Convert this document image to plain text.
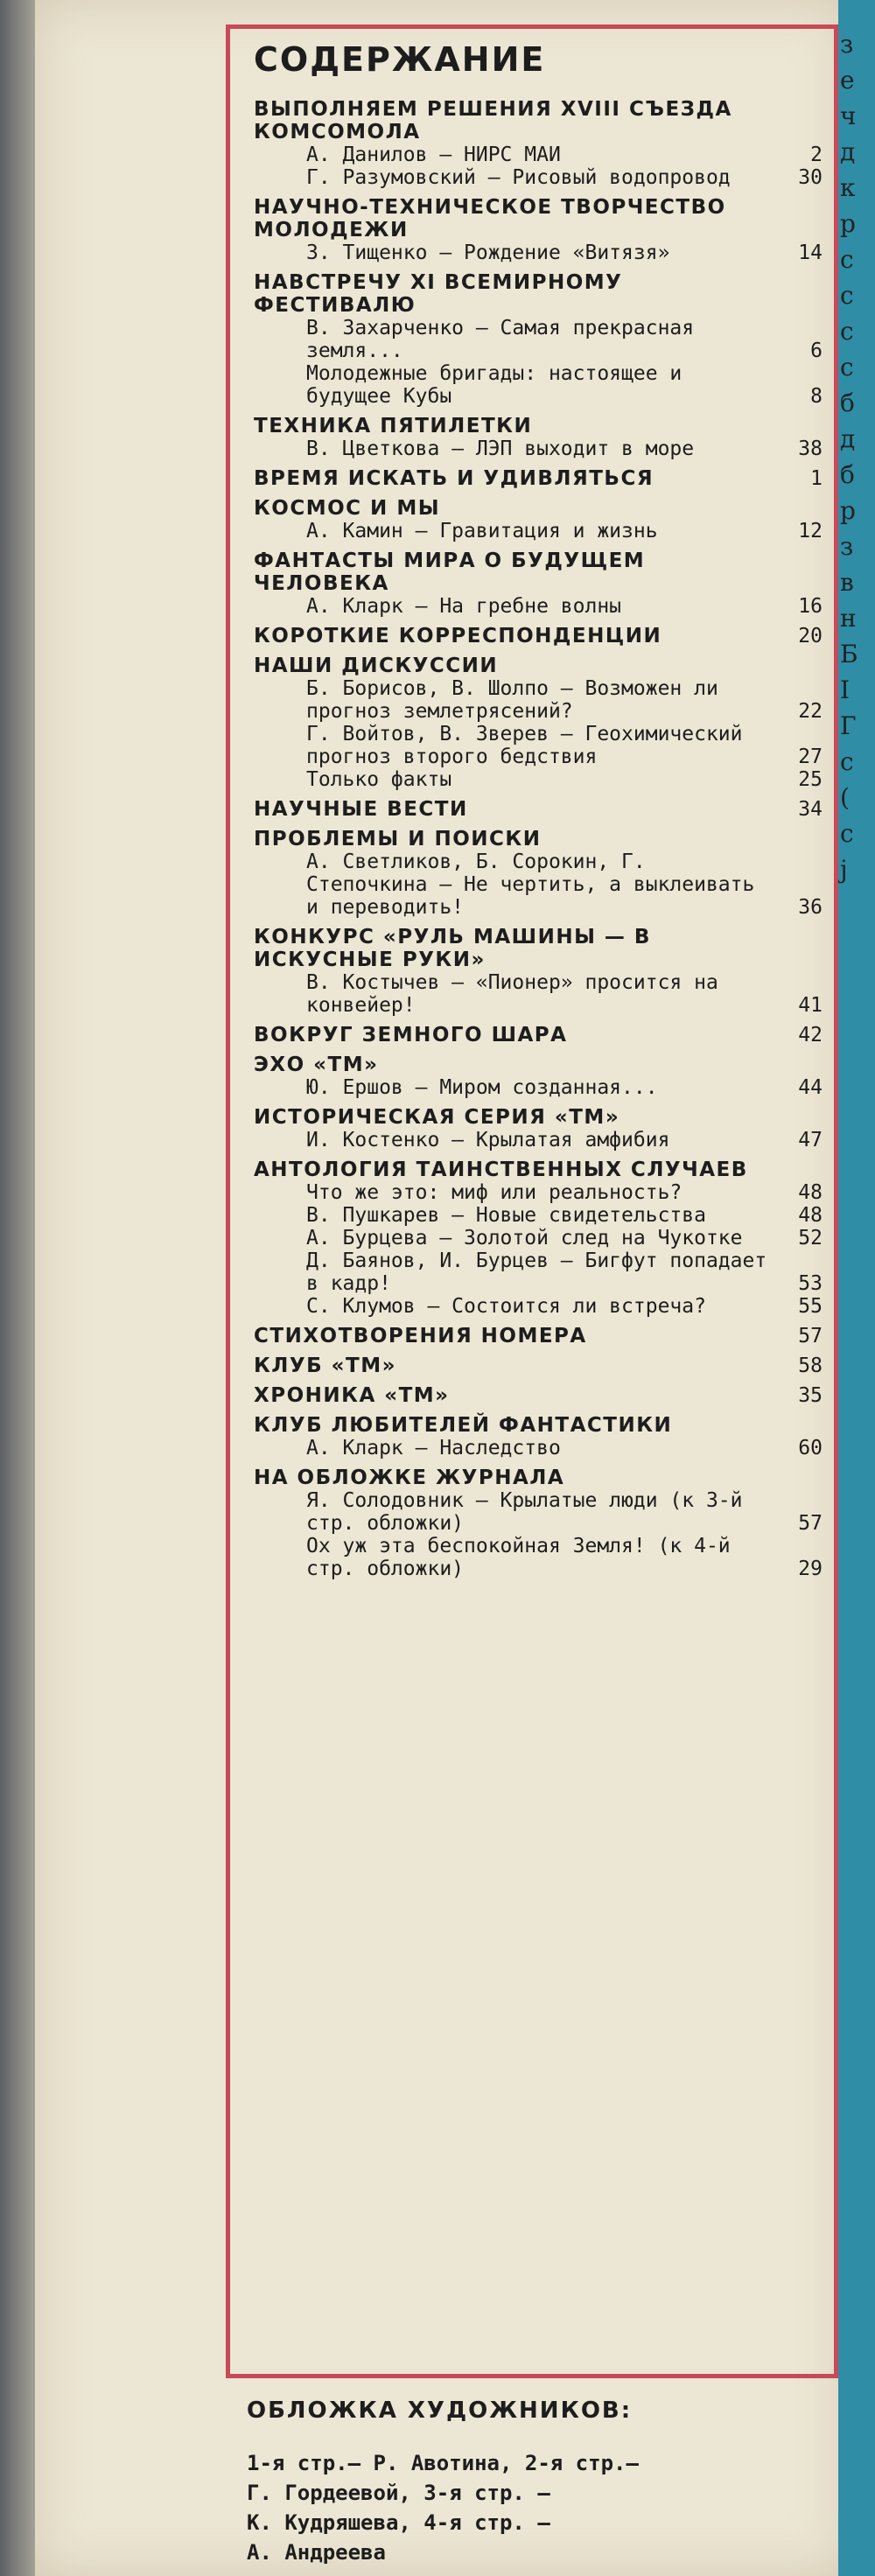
з
е
ч
д
к
р
с
с
с
с
б
д
б
р
з
в
н
Б
І
Г
с
(
с
ј
СОДЕРЖАНИЕ
ВЫПОЛНЯЕМ РЕШЕНИЯ XVIII СЪЕЗДА КОМСОМОЛА
А. Данилов — НИРС МАИ	2
Г. Разумовский — Рисовый водопровод	30
НАУЧНО-ТЕХНИЧЕСКОЕ ТВОРЧЕСТВО МОЛОДЕЖИ
З. Тищенко — Рождение «Витязя»	14
НАВСТРЕЧУ XI ВСЕМИРНОМУ ФЕСТИВАЛЮ
В. Захарченко — Самая прекрасная земля...	6
Молодежные бригады: настоящее и будущее Кубы	8
ТЕХНИКА ПЯТИЛЕТКИ
В. Цветкова — ЛЭП выходит в море	38
ВРЕМЯ ИСКАТЬ И УДИВЛЯТЬСЯ	1
КОСМОС И МЫ
А. Камин — Гравитация и жизнь	12
ФАНТАСТЫ МИРА О БУДУЩЕМ ЧЕЛОВЕКА
А. Кларк — На гребне волны	16
КОРОТКИЕ КОРРЕСПОНДЕНЦИИ	20
НАШИ ДИСКУССИИ
Б. Борисов, В. Шолпо — Возможен ли прогноз землетрясений?	22
Г. Войтов, В. Зверев — Геохимический прогноз второго бедствия	27
Только факты	25
НАУЧНЫЕ ВЕСТИ	34
ПРОБЛЕМЫ И ПОИСКИ
А. Светликов, Б. Сорокин, Г. Степочкина — Не чертить, а выклеивать и переводить!	36
КОНКУРС «РУЛЬ МАШИНЫ — В ИСКУСНЫЕ РУКИ»
В. Костычев — «Пионер» просится на конвейер!	41
ВОКРУГ ЗЕМНОГО ШАРА	42
ЭХО «ТМ»
Ю. Ершов — Миром созданная...	44
ИСТОРИЧЕСКАЯ СЕРИЯ «ТМ»
И. Костенко — Крылатая амфибия	47
АНТОЛОГИЯ ТАИНСТВЕННЫХ СЛУЧАЕВ
Что же это: миф или реальность?	48
В. Пушкарев — Новые свидетельства	48
А. Бурцева — Золотой след на Чукотке	52
Д. Баянов, И. Бурцев — Бигфут попадает в кадр!	53
С. Клумов — Состоится ли встреча?	55
СТИХОТВОРЕНИЯ НОМЕРА	57
КЛУБ «ТМ»	58
ХРОНИКА «ТМ»	35
КЛУБ ЛЮБИТЕЛЕЙ ФАНТАСТИКИ
А. Кларк — Наследство	60
НА ОБЛОЖКЕ ЖУРНАЛА
Я. Солодовник — Крылатые люди (к 3-й стр. обложки)	57
Ох уж эта беспокойная Земля! (к 4-й стр. обложки)	29
ОБЛОЖКА ХУДОЖНИКОВ:
1-я стр.— Р. Авотина, 2-я стр.—
Г. Гордеевой, 3-я стр. —
К. Кудряшева, 4-я стр. —
А. Андреева
